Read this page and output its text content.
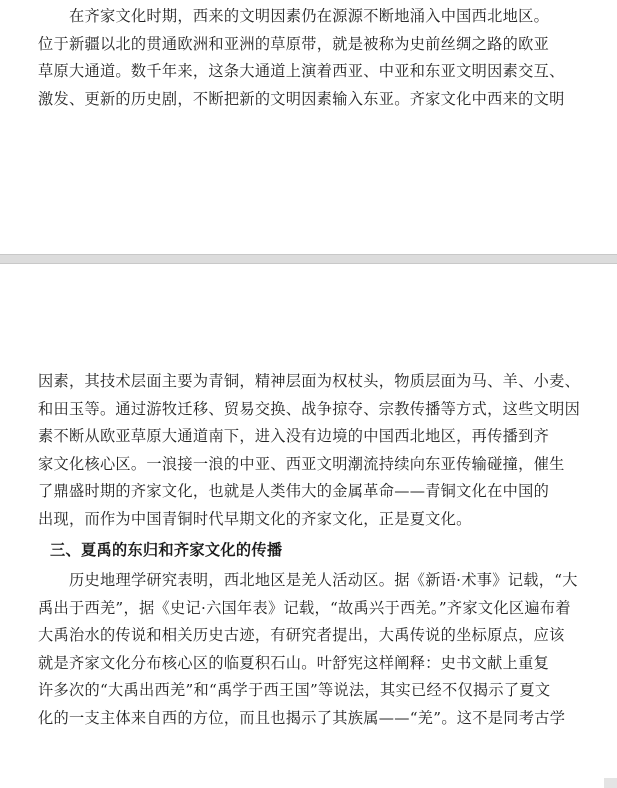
在齐家文化时期，西来的文明因素仍在源源不断地涌入中国西北地区。
位于新疆以北的贯通欧洲和亚洲的草原带，就是被称为史前丝绸之路的欧亚
草原大通道。数千年来，这条大通道上演着西亚、中亚和东亚文明因素交互、
激发、更新的历史剧，不断把新的文明因素输入东亚。齐家文化中西来的文明
因素，其技术层面主要为青铜，精神层面为权杖头，物质层面为马、羊、小麦、
和田玉等。通过游牧迁移、贸易交换、战争掠夺、宗教传播等方式，这些文明因
素不断从欧亚草原大通道南下，进入没有边境的中国西北地区，再传播到齐
家文化核心区。一浪接一浪的中亚、西亚文明潮流持续向东亚传输碰撞，催生
了鼎盛时期的齐家文化，也就是人类伟大的金属革命——青铜文化在中国的
出现，而作为中国青铜时代早期文化的齐家文化，正是夏文化。
三、夏禹的东归和齐家文化的传播
历史地理学研究表明，西北地区是羌人活动区。据《新语·术事》记载，“大
禹出于西羌”，据《史记·六国年表》记载，“故禹兴于西羌。”齐家文化区遍布着
大禹治水的传说和相关历史古迹，有研究者提出，大禹传说的坐标原点，应该
就是齐家文化分布核心区的临夏积石山。叶舒宪这样阐释：史书文献上重复
许多次的“大禹出西羌”和“禹学于西王国”等说法，其实已经不仅揭示了夏文
化的一支主体来自西的方位，而且也揭示了其族属——“羌”。这不是同考古学
